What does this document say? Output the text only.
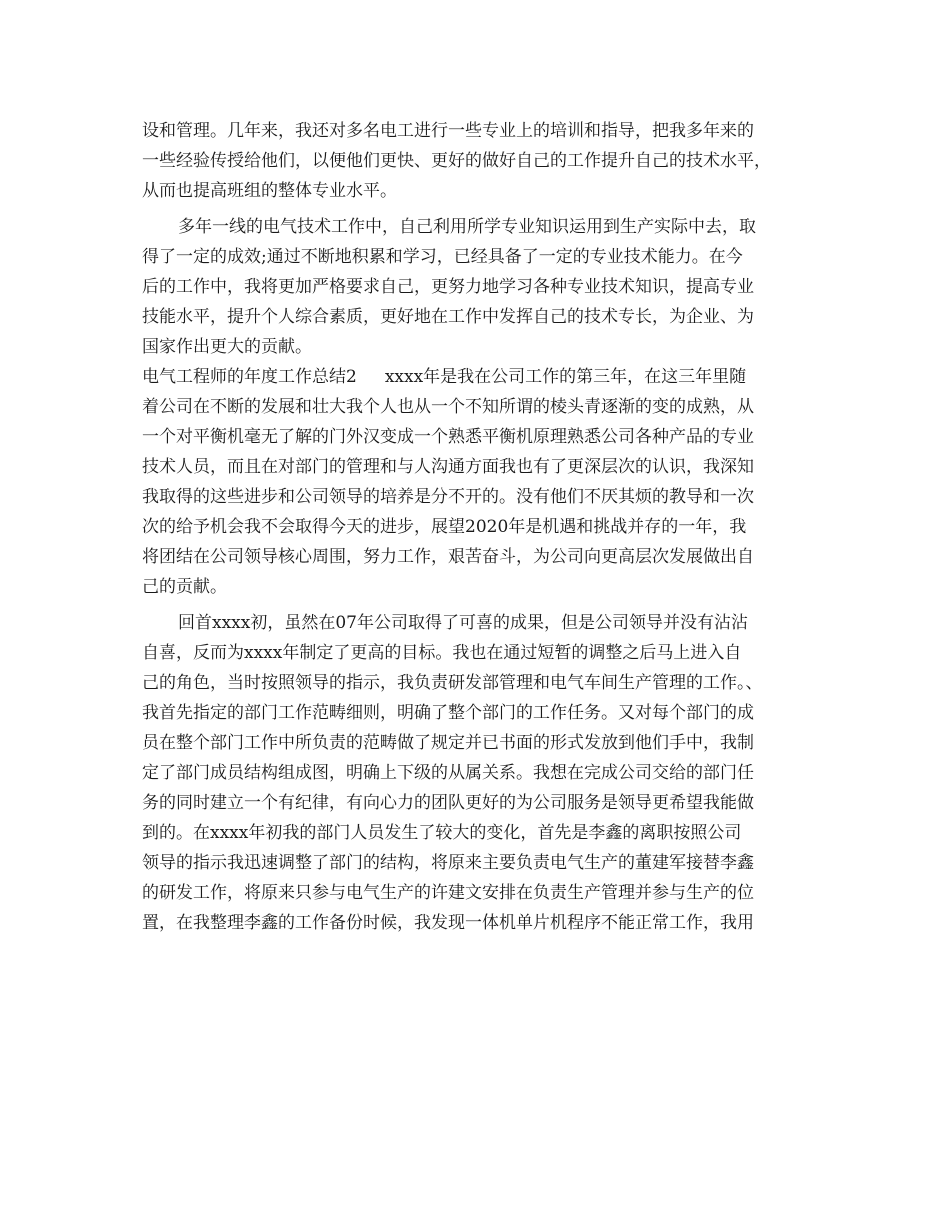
设和管理。几年来，我还对多名电工进行一些专业上的培训和指导，把我多年来的
一些经验传授给他们，以便他们更快、更好的做好自己的工作提升自己的技术水平，
从而也提高班组的整体专业水平。
多年一线的电气技术工作中，自己利用所学专业知识运用到生产实际中去，取
得了一定的成效;通过不断地积累和学习，已经具备了一定的专业技术能力。在今
后的工作中，我将更加严格要求自己，更努力地学习各种专业技术知识，提高专业
技能水平，提升个人综合素质，更好地在工作中发挥自己的技术专长，为企业、为
国家作出更大的贡献。
电气工程师的年度工作总结2 xxxx年是我在公司工作的第三年，在这三年里随
着公司在不断的发展和壮大我个人也从一个不知所谓的棱头青逐渐的变的成熟，从
一个对平衡机毫无了解的门外汉变成一个熟悉平衡机原理熟悉公司各种产品的专业
技术人员，而且在对部门的管理和与人沟通方面我也有了更深层次的认识，我深知
我取得的这些进步和公司领导的培养是分不开的。没有他们不厌其烦的教导和一次
次的给予机会我不会取得今天的进步，展望2020年是机遇和挑战并存的一年，我
将团结在公司领导核心周围，努力工作，艰苦奋斗，为公司向更高层次发展做出自
己的贡献。
回首xxxx初，虽然在07年公司取得了可喜的成果，但是公司领导并没有沾沾
自喜，反而为xxxx年制定了更高的目标。我也在通过短暂的调整之后马上进入自
己的角色，当时按照领导的指示，我负责研发部管理和电气车间生产管理的工作。、
我首先指定的部门工作范畴细则，明确了整个部门的工作任务。又对每个部门的成
员在整个部门工作中所负责的范畴做了规定并已书面的形式发放到他们手中，我制
定了部门成员结构组成图，明确上下级的从属关系。我想在完成公司交给的部门任
务的同时建立一个有纪律，有向心力的团队更好的为公司服务是领导更希望我能做
到的。在xxxx年初我的部门人员发生了较大的变化，首先是李鑫的离职按照公司
领导的指示我迅速调整了部门的结构，将原来主要负责电气生产的董建军接替李鑫
的研发工作，将原来只参与电气生产的许建文安排在负责生产管理并参与生产的位
置，在我整理李鑫的工作备份时候，我发现一体机单片机程序不能正常工作，我用
